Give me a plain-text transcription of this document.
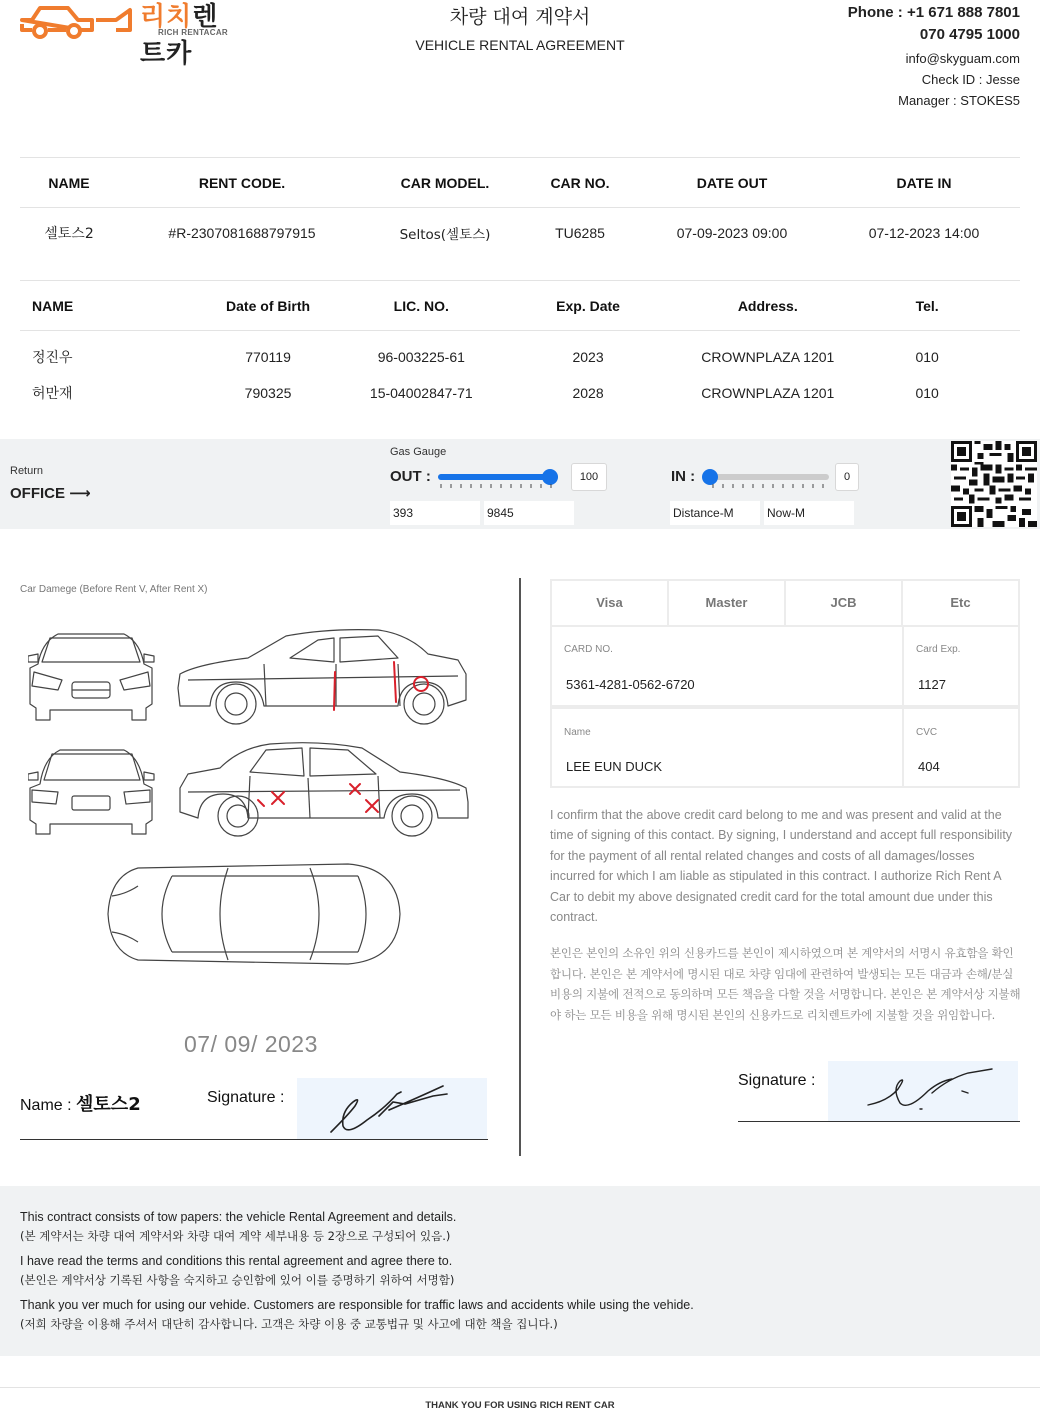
리치렌트카
RICH RENTACAR
차량 대여 계약서
VEHICLE RENTAL AGREEMENT
Phone : +1 671 888 7801
070 4795 1000
info@skyguam.com
Check ID : Jesse
Manager : STOKES5
NAME	RENT CODE.	CAR MODEL.	CAR NO.	DATE OUT	DATE IN
셀토스2	#R-2307081688797915	Seltos(셀토스)	TU6285	07-09-2023 09:00	07-12-2023 14:00
NAME	Date of Birth	LIC. NO.	Exp. Date	Address.	Tel.

정진우	770119	96-003225-61	2023	CROWNPLAZA 1201	010
허만재	790325	15-04002847-71	2028	CROWNPLAZA 1201	010
Return
OFFICE ⟶
Gas Gauge
OUT :	100	IN :	0
393	9845	Distance-M	Now-M
Car Damege (Before Rent V, After Rent X)
07/ 09/ 2023
Name : 셀토스2	Signature :
Visa	Master	JCB	Etc
CARD NO.
5361-4281-0562-6720
Card Exp.
1127
Name
LEE EUN DUCK
CVC
404
I confirm that the above credit card belong to me and was present and valid at the time of signing of this contact. By signing, I understand and accept full responsibility for the payment of all rental related changes and costs of all damages/losses incurred for which I am liable as stipulated in this contract. I authorize Rich Rent A Car to debit my above designated credit card for the total amount due under this contract.
본인은 본인의 소유인 위의 신용카드를 본인이 제시하였으며 본 계약서의 서명시 유효함을 확인합니다. 본인은 본 계약서에 명시된 대로 차량 임대에 관련하여 발생되는 모든 대금과 손해/분실비용의 지불에 전적으로 동의하며 모든 책음을 다할 것을 서명합니다. 본인은 본 계약서상 지불해야 하는 모든 비용을 위해 명시된 본인의 신용카드로 리치렌트카에 지불할 것을 위임합니다.
Signature :

This contract consists of tow papers: the vehicle Rental Agreement and details.

(본 계약서는 차량 대여 계약서와 차량 대여 계약 세부내용 등 2장으로 구성되어 있음.)

I have read the terms and conditions this rental agreement and agree there to.

(본인은 계약서상 기록된 사항을 숙지하고 승인함에 있어 이를 증명하기 위하여 서명함)

Thank you ver much for using our vehide. Customers are responsible for traffic laws and accidents while using the vehide.

(저희 차량을 이용해 주셔서 대단히 감사합니다. 고객은 차량 이용 중 교통법규 및 사고에 대한 책을 집니다.)

THANK YOU FOR USING RICH RENT CAR
